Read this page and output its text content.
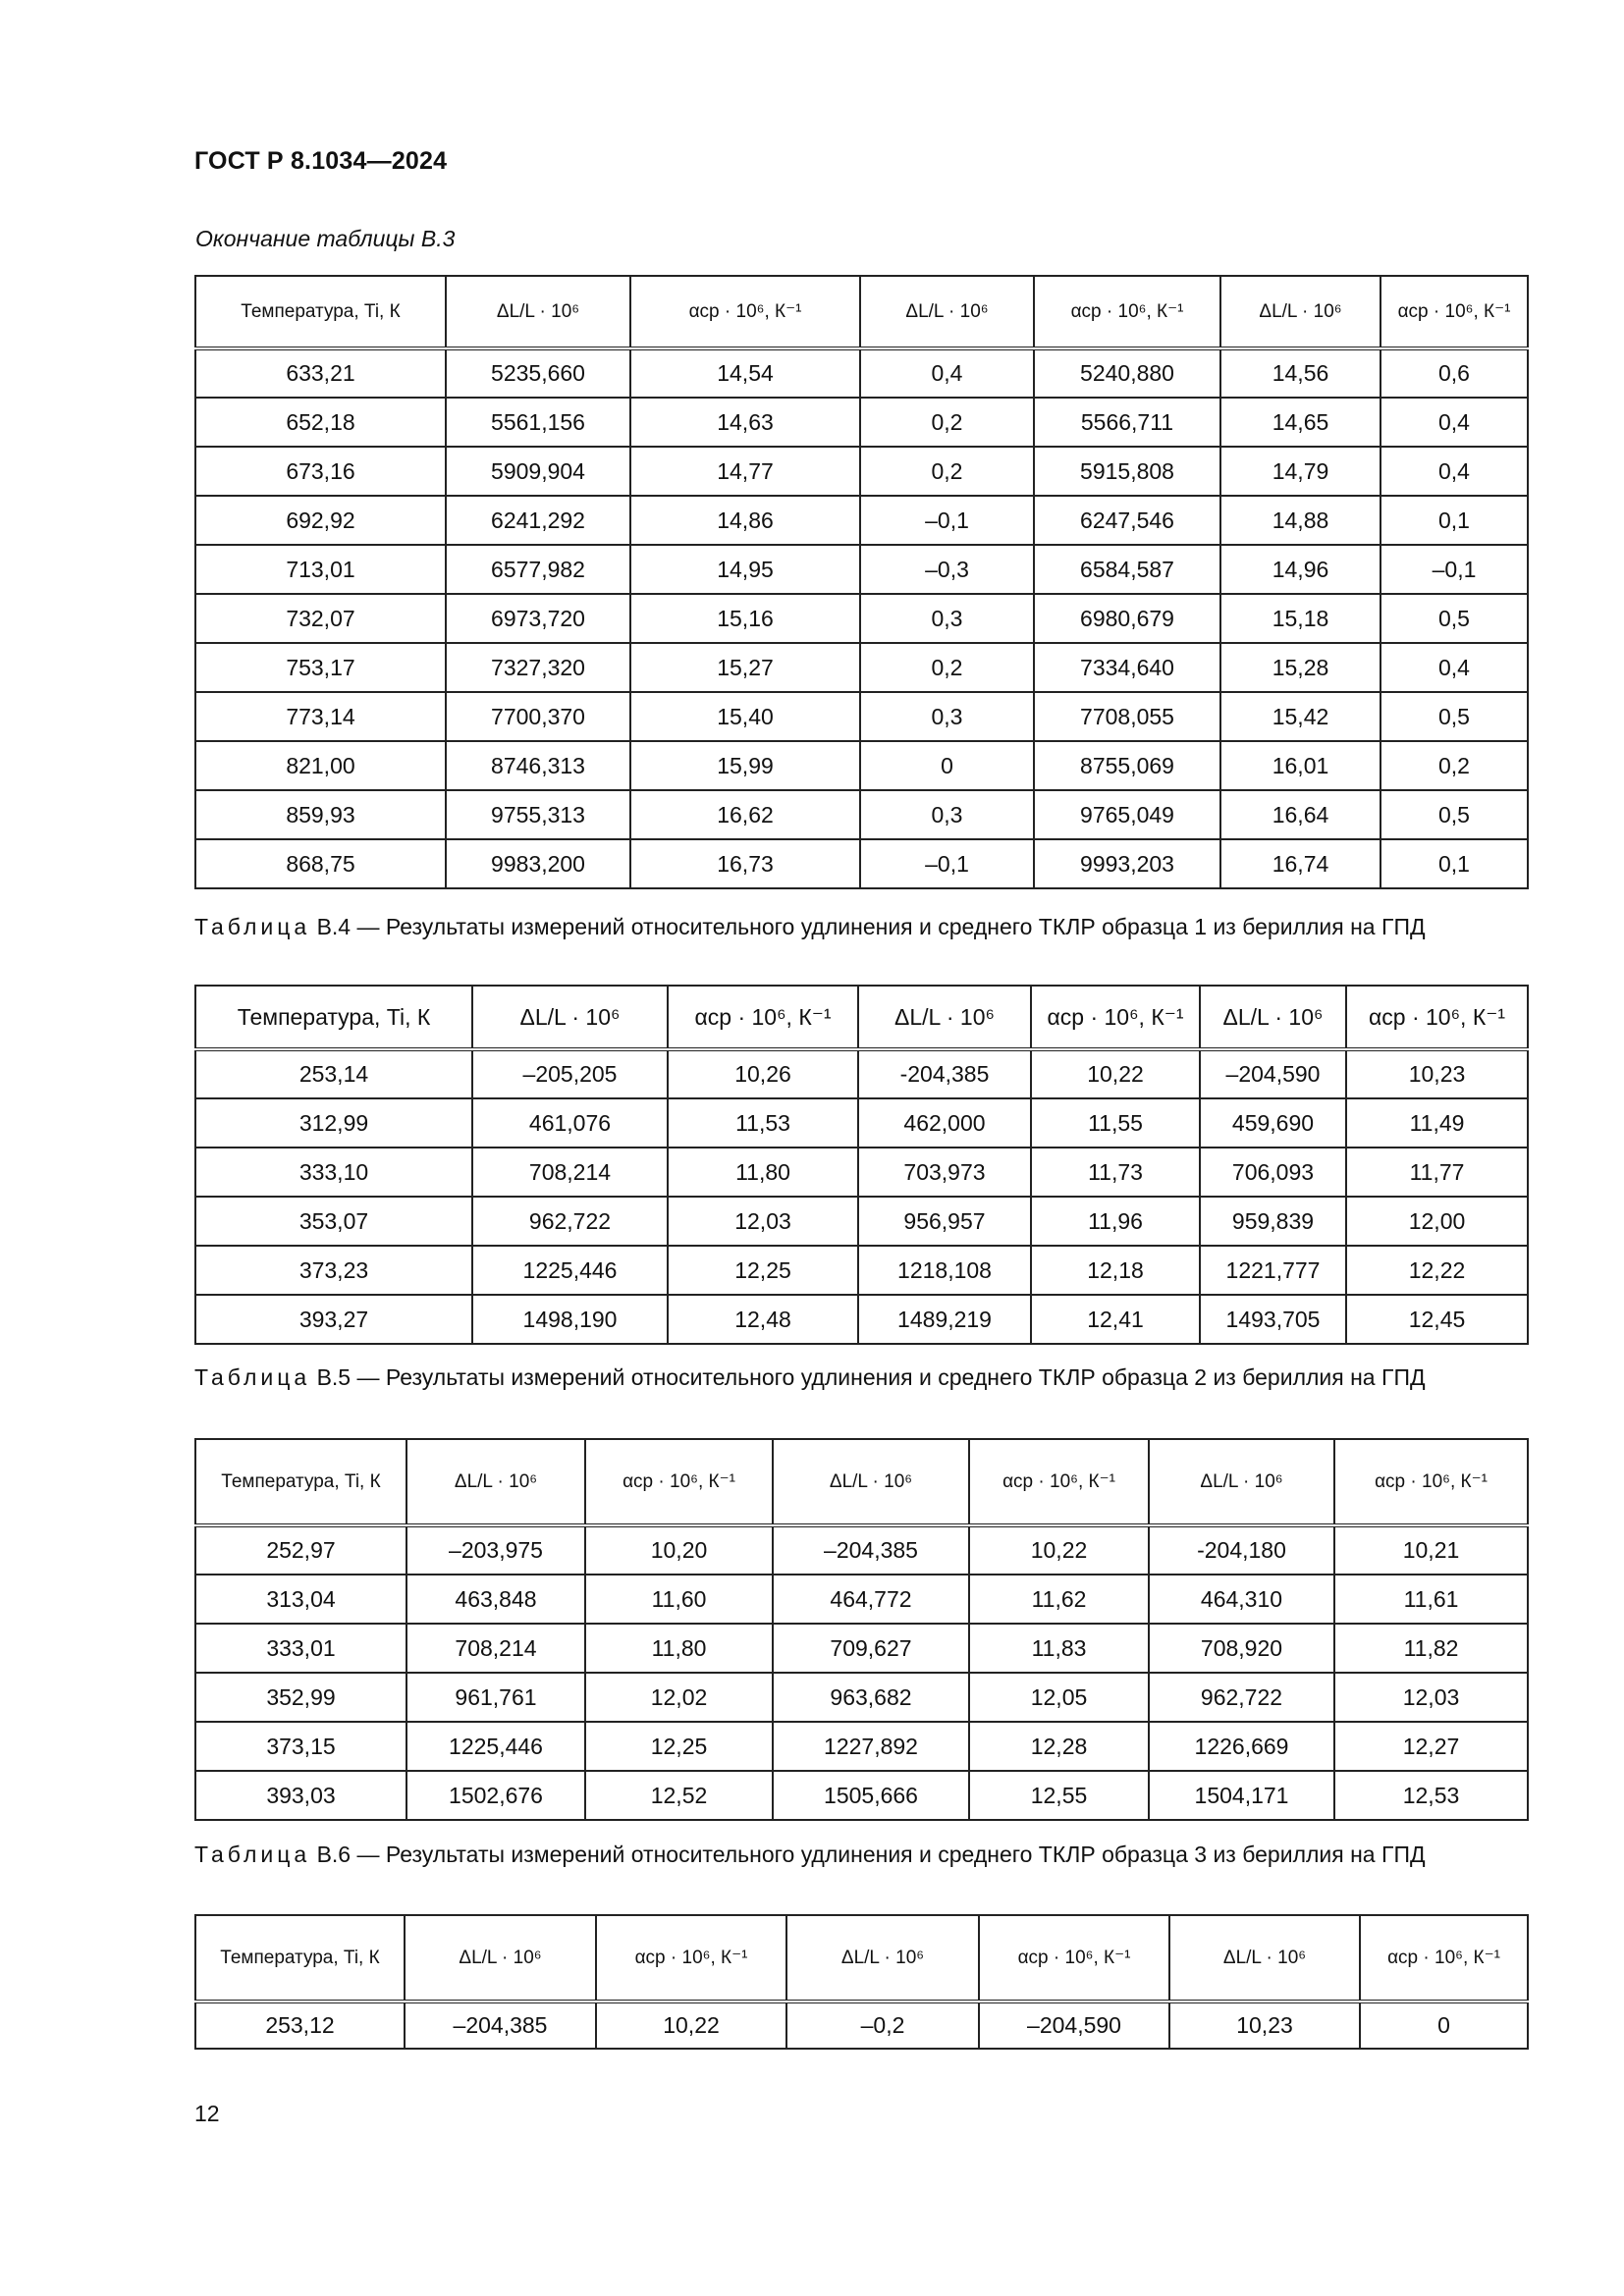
ГОСТ Р 8.1034—2024
Окончание таблицы В.3
Температура, Ti, К	ΔL/L · 10⁶	αср · 10⁶, К⁻¹	ΔL/L · 10⁶	αср · 10⁶, К⁻¹	ΔL/L · 10⁶	αср · 10⁶, К⁻¹
633,21	5235,660	14,54	0,4	5240,880	14,56	0,6
652,18	5561,156	14,63	0,2	5566,711	14,65	0,4
673,16	5909,904	14,77	0,2	5915,808	14,79	0,4
692,92	6241,292	14,86	–0,1	6247,546	14,88	0,1
713,01	6577,982	14,95	–0,3	6584,587	14,96	–0,1
732,07	6973,720	15,16	0,3	6980,679	15,18	0,5
753,17	7327,320	15,27	0,2	7334,640	15,28	0,4
773,14	7700,370	15,40	0,3	7708,055	15,42	0,5
821,00	8746,313	15,99	0	8755,069	16,01	0,2
859,93	9755,313	16,62	0,3	9765,049	16,64	0,5
868,75	9983,200	16,73	–0,1	9993,203	16,74	0,1
Таблица В.4 — Результаты измерений относительного удлинения и среднего ТКЛР образца 1 из бериллия на ГПД
Температура, Ti, К	ΔL/L · 10⁶	αср · 10⁶, К⁻¹	ΔL/L · 10⁶	αср · 10⁶, К⁻¹	ΔL/L · 10⁶	αср · 10⁶, К⁻¹
253,14	–205,205	10,26	-204,385	10,22	–204,590	10,23
312,99	461,076	11,53	462,000	11,55	459,690	11,49
333,10	708,214	11,80	703,973	11,73	706,093	11,77
353,07	962,722	12,03	956,957	11,96	959,839	12,00
373,23	1225,446	12,25	1218,108	12,18	1221,777	12,22
393,27	1498,190	12,48	1489,219	12,41	1493,705	12,45
Таблица В.5 — Результаты измерений относительного удлинения и среднего ТКЛР образца 2 из бериллия на ГПД
Температура, Ti, К	ΔL/L · 10⁶	αср · 10⁶, К⁻¹	ΔL/L · 10⁶	αср · 10⁶, К⁻¹	ΔL/L · 10⁶	αср · 10⁶, К⁻¹
252,97	–203,975	10,20	–204,385	10,22	-204,180	10,21
313,04	463,848	11,60	464,772	11,62	464,310	11,61
333,01	708,214	11,80	709,627	11,83	708,920	11,82
352,99	961,761	12,02	963,682	12,05	962,722	12,03
373,15	1225,446	12,25	1227,892	12,28	1226,669	12,27
393,03	1502,676	12,52	1505,666	12,55	1504,171	12,53
Таблица В.6 — Результаты измерений относительного удлинения и среднего ТКЛР образца 3 из бериллия на ГПД
Температура, Ti, К	ΔL/L · 10⁶	αср · 10⁶, К⁻¹	ΔL/L · 10⁶	αср · 10⁶, К⁻¹	ΔL/L · 10⁶	αср · 10⁶, К⁻¹
253,12	–204,385	10,22	–0,2	–204,590	10,23	0
12
